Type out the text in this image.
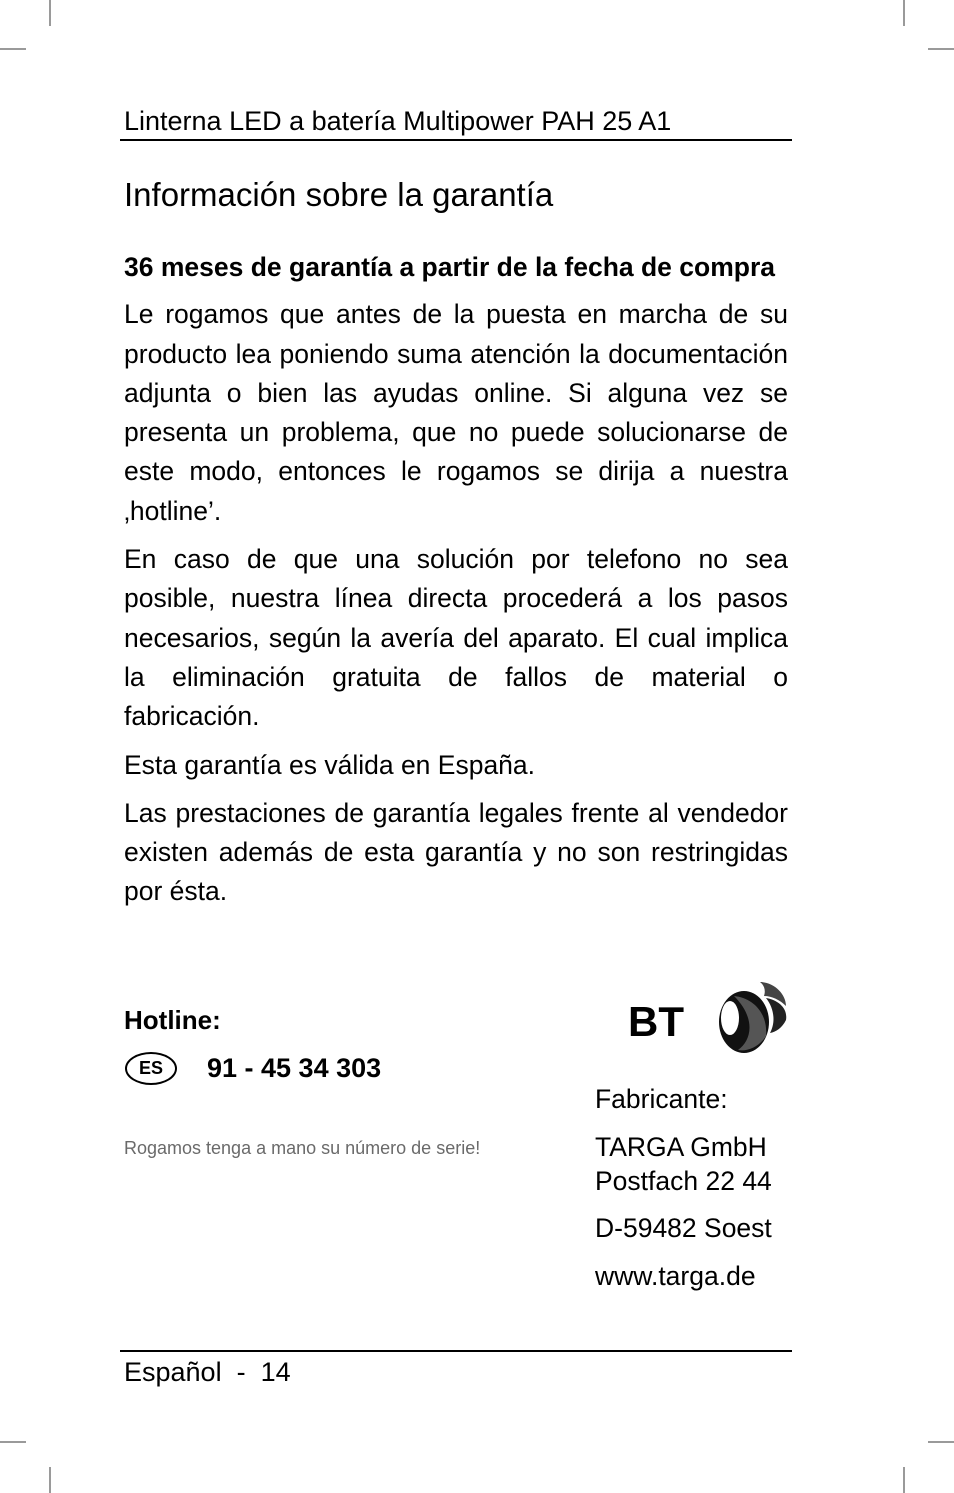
Linterna LED a batería Multipower PAH 25 A1
Información sobre la garantía

36 meses de garantía a partir de la fecha de compra

Le rogamos que antes de la puesta en marcha de su producto lea poniendo suma atención la documentación adjunta o bien las ayudas online. Si alguna vez se presenta un problema, que no puede solucionarse de este modo, entonces le rogamos se dirija a nuestra ‚hotline’.

En caso de que una solución por telefono no sea posible, nuestra línea directa procederá a los pasos necesarios, según la avería del aparato. El cual implica la eliminación gratuita de fallos de material o fabricación.

Esta garantía es válida en España.

Las prestaciones de garantía legales frente al vendedor existen además de esta garantía y no son restringidas por ésta.

Hotline:
ES	91 - 45 34 303
Rogamos tenga a mano su número de serie!
BT
Fabricante:
TARGA GmbH
Postfach 22 44
D-59482 Soest
www.targa.de
Español  -  14
